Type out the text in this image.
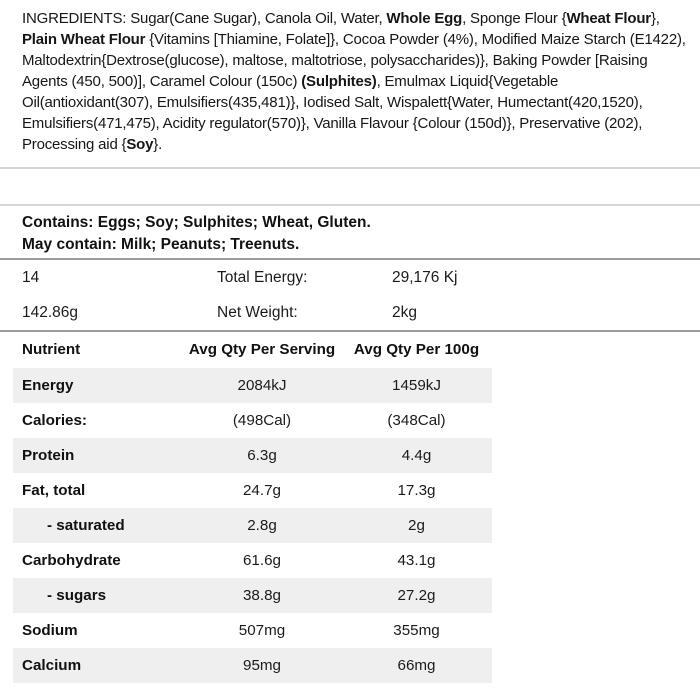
INGREDIENTS: Sugar(Cane Sugar), Canola Oil, Water, Whole Egg, Sponge Flour {Wheat Flour}, Plain Wheat Flour {Vitamins [Thiamine, Folate]}, Cocoa Powder (4%), Modified Maize Starch (E1422), Maltodextrin{Dextrose(glucose), maltose, maltotriose, polysaccharides)}, Baking Powder [Raising Agents (450, 500)], Caramel Colour (150c) (Sulphites), Emulmax Liquid{Vegetable Oil(antioxidant(307), Emulsifiers(435,481)}, Iodised Salt, Wispalett{Water, Humectant(420,1520), Emulsifiers(471,475), Acidity regulator(570)}, Vanilla Flavour {Colour (150d)}, Preservative (202), Processing aid {Soy}.

Contains: Eggs; Soy; Sulphites; Wheat, Gluten.

May contain: Milk; Peanuts; Treenuts.

14	Total Energy:	29,176 Kj
142.86g	Net Weight:	2kg
Nutrient	Avg Qty Per Serving	Avg Qty Per 100g
Energy	2084kJ	1459kJ
Calories:	(498Cal)	(348Cal)
Protein	6.3g	4.4g
Fat, total	24.7g	17.3g
- saturated	2.8g	2g
Carbohydrate	61.6g	43.1g
- sugars	38.8g	27.2g
Sodium	507mg	355mg
Calcium	95mg	66mg
